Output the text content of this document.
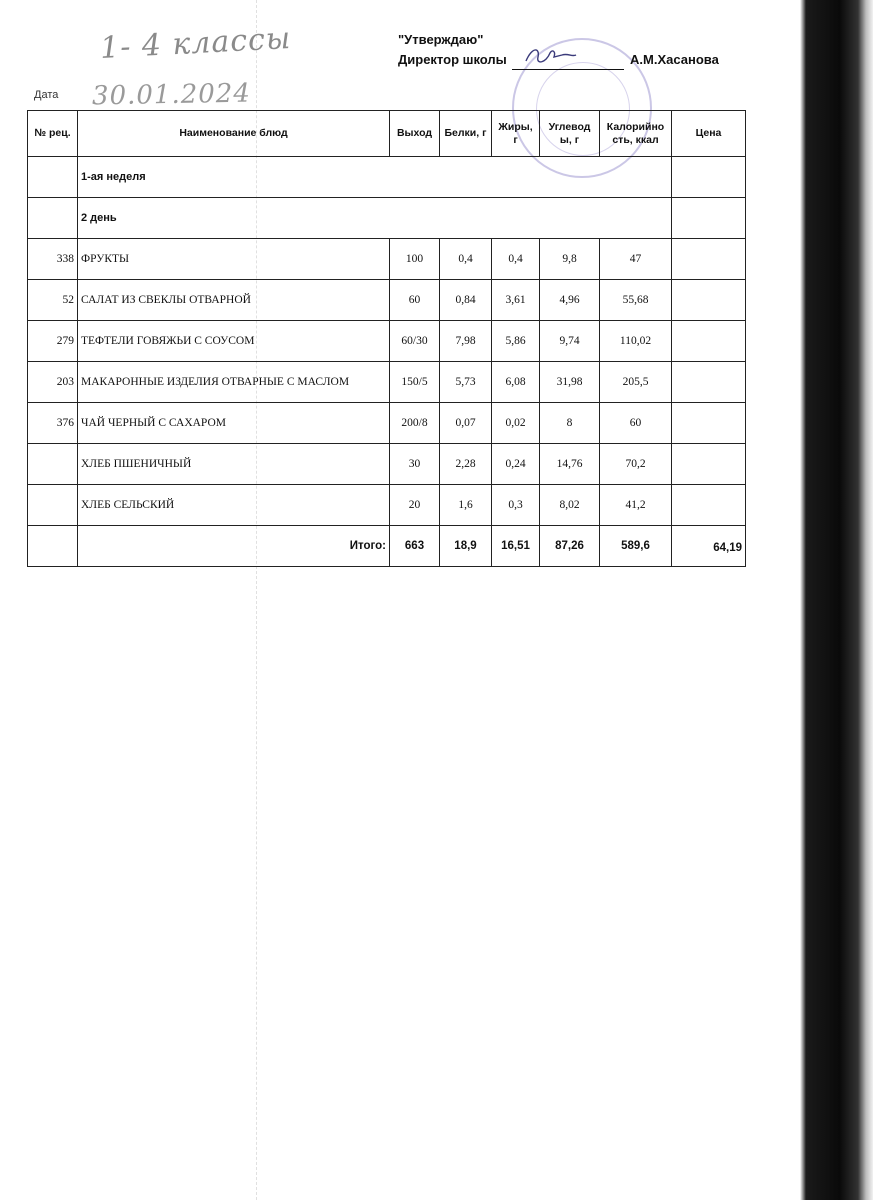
1- 4 классы
Дата 30.01.2024
"Утверждаю"
Директор школы	А.М.Хасанова
№ рец.	Наименование блюд	Выход	Белки, г	Жиры, г	Углевод ы, г	Калорийно сть, ккал	Цена
	1-ая неделя						
	2 день						
338	ФРУКТЫ	100	0,4	0,4	9,8	47	
52	САЛАТ ИЗ СВЕКЛЫ ОТВАРНОЙ	60	0,84	3,61	4,96	55,68	
279	ТЕФТЕЛИ ГОВЯЖЬИ С СОУСОМ	60/30	7,98	5,86	9,74	110,02	
203	МАКАРОННЫЕ ИЗДЕЛИЯ ОТВАРНЫЕ С МАСЛОМ	150/5	5,73	6,08	31,98	205,5	
376	ЧАЙ ЧЕРНЫЙ С САХАРОМ	200/8	0,07	0,02	8	60	
	ХЛЕБ ПШЕНИЧНЫЙ	30	2,28	0,24	14,76	70,2	
	ХЛЕБ СЕЛЬСКИЙ	20	1,6	0,3	8,02	41,2	
	Итого:	663	18,9	16,51	87,26	589,6	64,19
